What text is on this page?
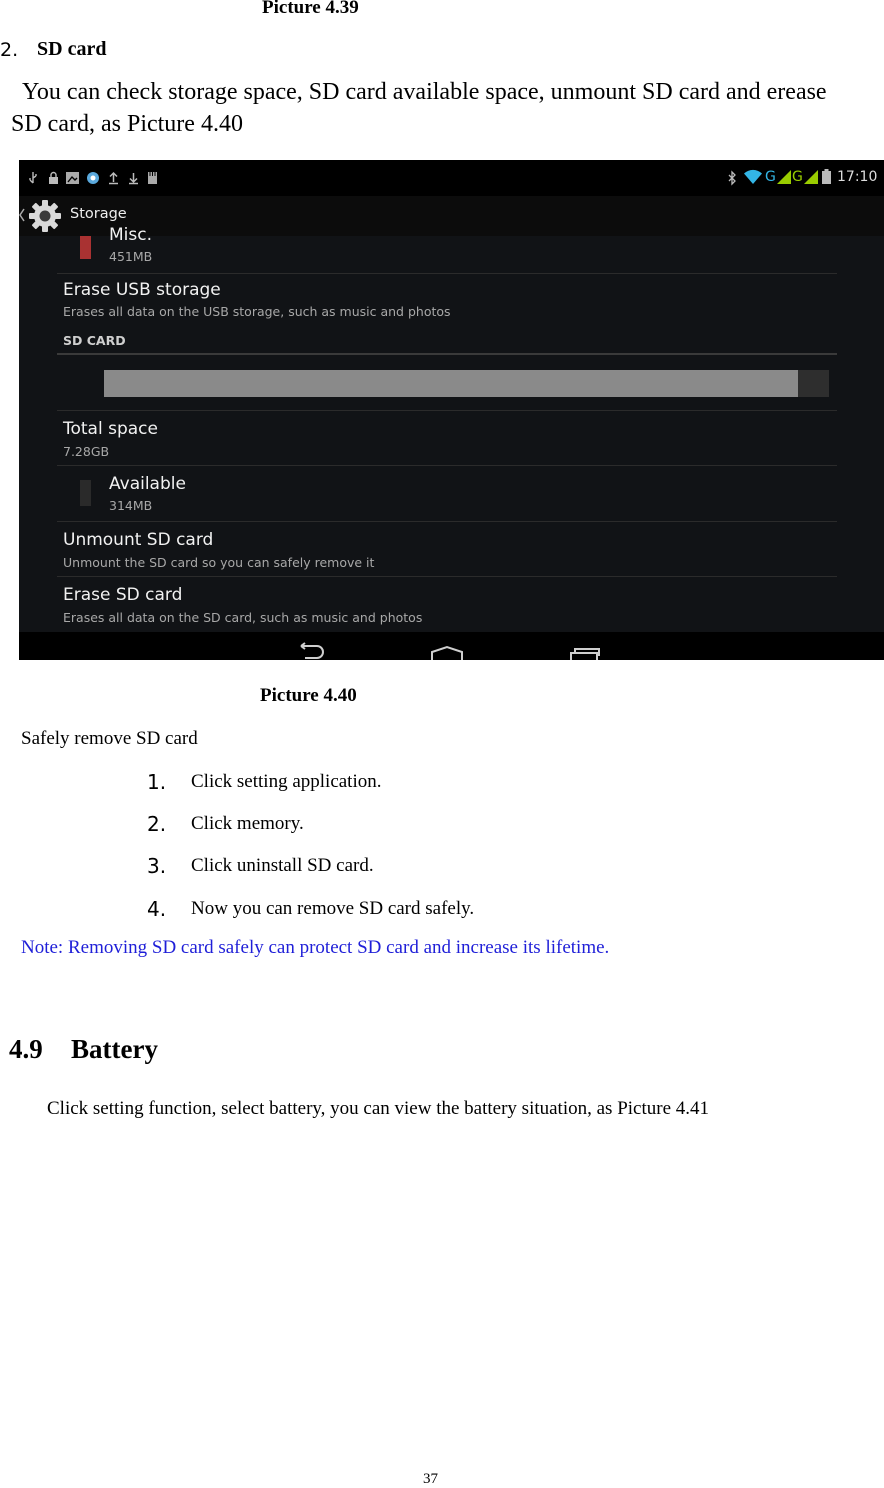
Picture 4.39
2. SD card
You can check storage space, SD card available space, unmount SD card and erease
SD card, as Picture 4.40
G G 17:10
Storage
Misc.
451MB
Erase USB storage
Erases all data on the USB storage, such as music and photos
SD CARD
Total space
7.28GB
Available
314MB
Unmount SD card
Unmount the SD card so you can safely remove it
Erase SD card
Erases all data on the SD card, such as music and photos
Picture 4.40
Safely remove SD card
1. Click setting application.
2. Click memory.
3. Click uninstall SD card.
4. Now you can remove SD card safely.
Note: Removing SD card safely can protect SD card and increase its lifetime.
4.9 Battery
Click setting function, select battery, you can view the battery situation, as Picture 4.41
37
